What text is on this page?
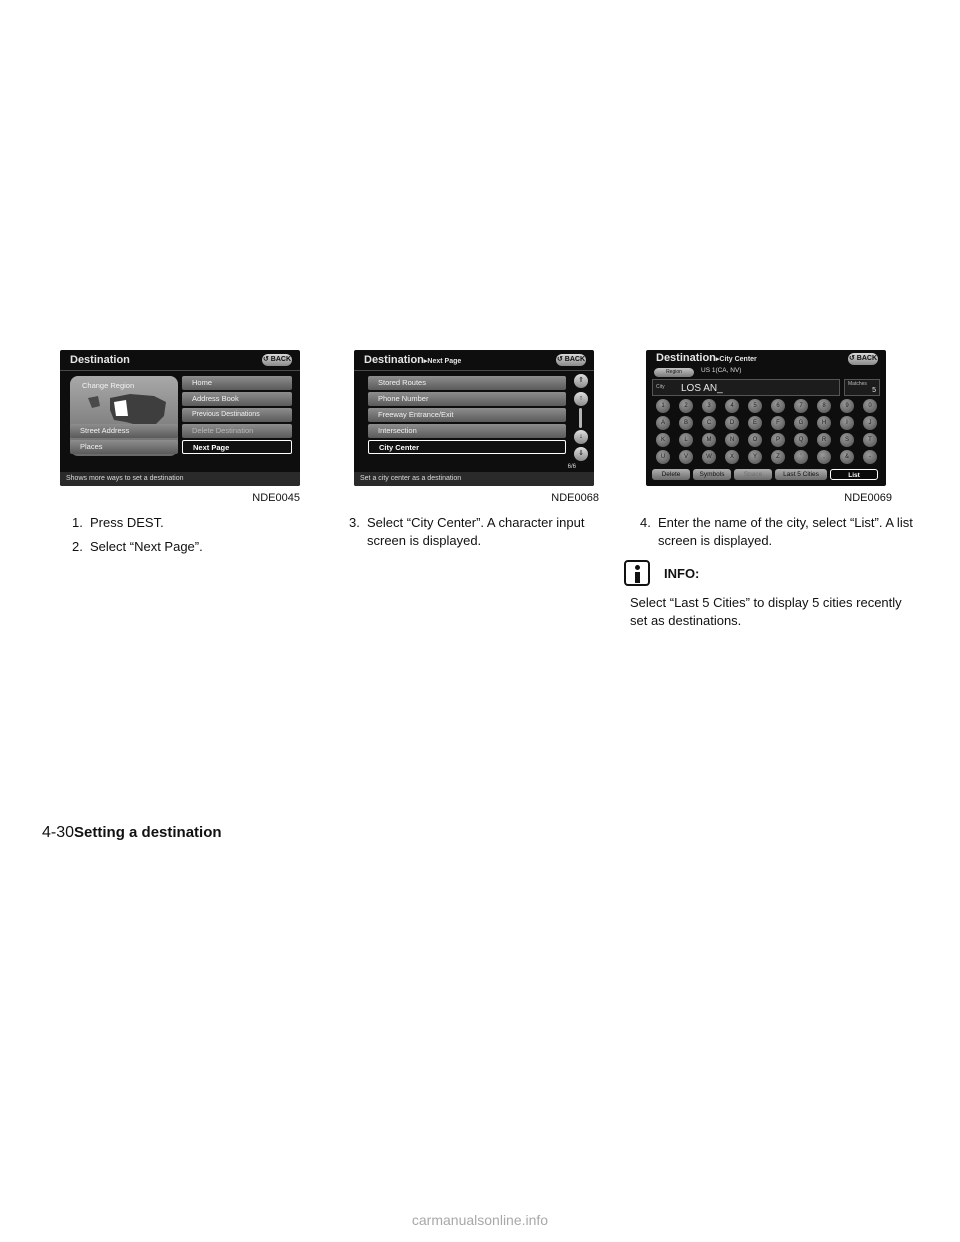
Destination	↺ BACK
Change Region
Street Address
Places
Home
Address Book
Previous Destinations
Delete Destination
Next Page
Shows more ways to set a destination
NDE0045
1. Press DEST.
2. Select “Next Page”.
Destination▸Next Page	↺ BACK
Stored Routes
Phone Number
Freeway Entrance/Exit
Intersection
City Center
⇑
↑
↓
⇓
6/6
Set a city center as a destination
NDE0068
3. Select “City Center”. A character input screen is displayed.
Destination▸City Center	↺ BACK
Region	US 1(CA, NV)
City LOS AN_	Matches
5
1	2	3	4	5	6	7	8	9	0
A	B	C	D	E	F	G	H	I	J
K	L	M	N	O	P	Q	R	S	T
U	V	W	X	Y	Z	'	.	&	-
Delete	Symbols	Space	Last 5 Cities	List
NDE0069
4. Enter the name of the city, select “List”. A list screen is displayed.
INFO:
Select “Last 5 Cities” to display 5 cities recently set as destinations.
4-30Setting a destination
carmanualsonline.info
